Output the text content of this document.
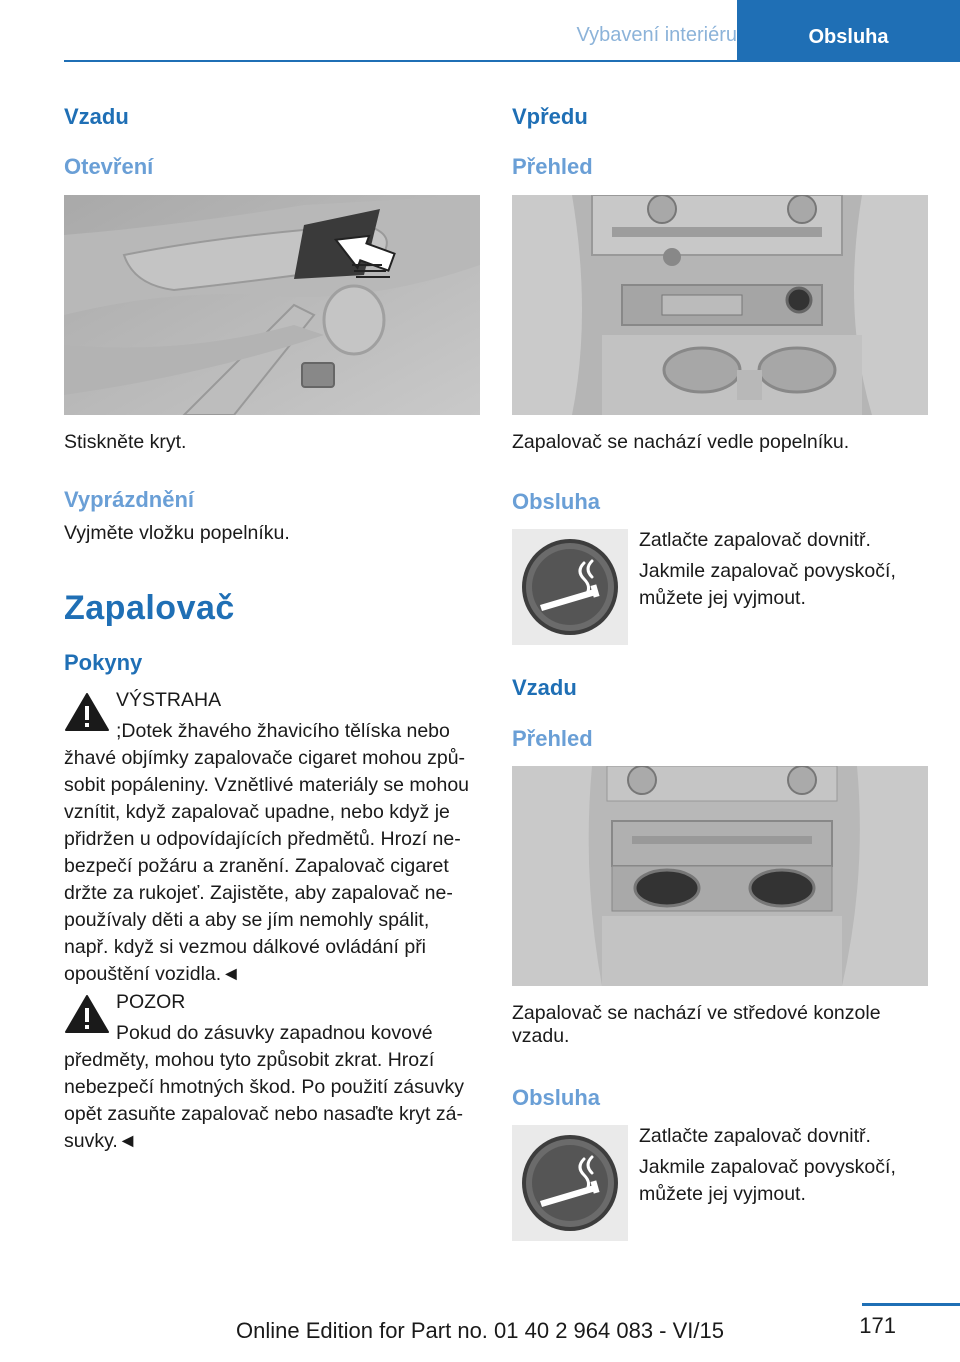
Vybavení interiéru	Obsluha
Vzadu
Otevření
Stiskněte kryt.
Vyprázdnění
Vyjměte vložku popelníku.
Zapalovač
Pokyny
VÝSTRAHA
;Dotek žhavého žhavicího tělíska nebo
žhavé objímky zapalovače cigaret mohou způ-
sobit popáleniny. Vznětlivé materiály se mohou
vznítit, když zapalovač upadne, nebo když je
přidržen u odpovídajících předmětů. Hrozí ne-
bezpečí požáru a zranění. Zapalovač cigaret
držte za rukojeť. Zajistěte, aby zapalovač ne-
používaly děti a aby se jím nemohly spálit,
např. když si vezmou dálkové ovládání při
opouštění vozidla.◄
POZOR
Pokud do zásuvky zapadnou kovové
předměty, mohou tyto způsobit zkrat. Hrozí
nebezpečí hmotných škod. Po použití zásuvky
opět zasuňte zapalovač nebo nasaďte kryt zá-
suvky.◄
Vpředu
Přehled
Zapalovač se nachází vedle popelníku.
Obsluha
Zatlačte zapalovač dovnitř.
Jakmile zapalovač povyskočí,
můžete jej vyjmout.
Vzadu
Přehled
Zapalovač se nachází ve středové konzole
vzadu.
Obsluha
Zatlačte zapalovač dovnitř.
Jakmile zapalovač povyskočí,
můžete jej vyjmout.
171
Online Edition for Part no. 01 40 2 964 083 - VI/15
